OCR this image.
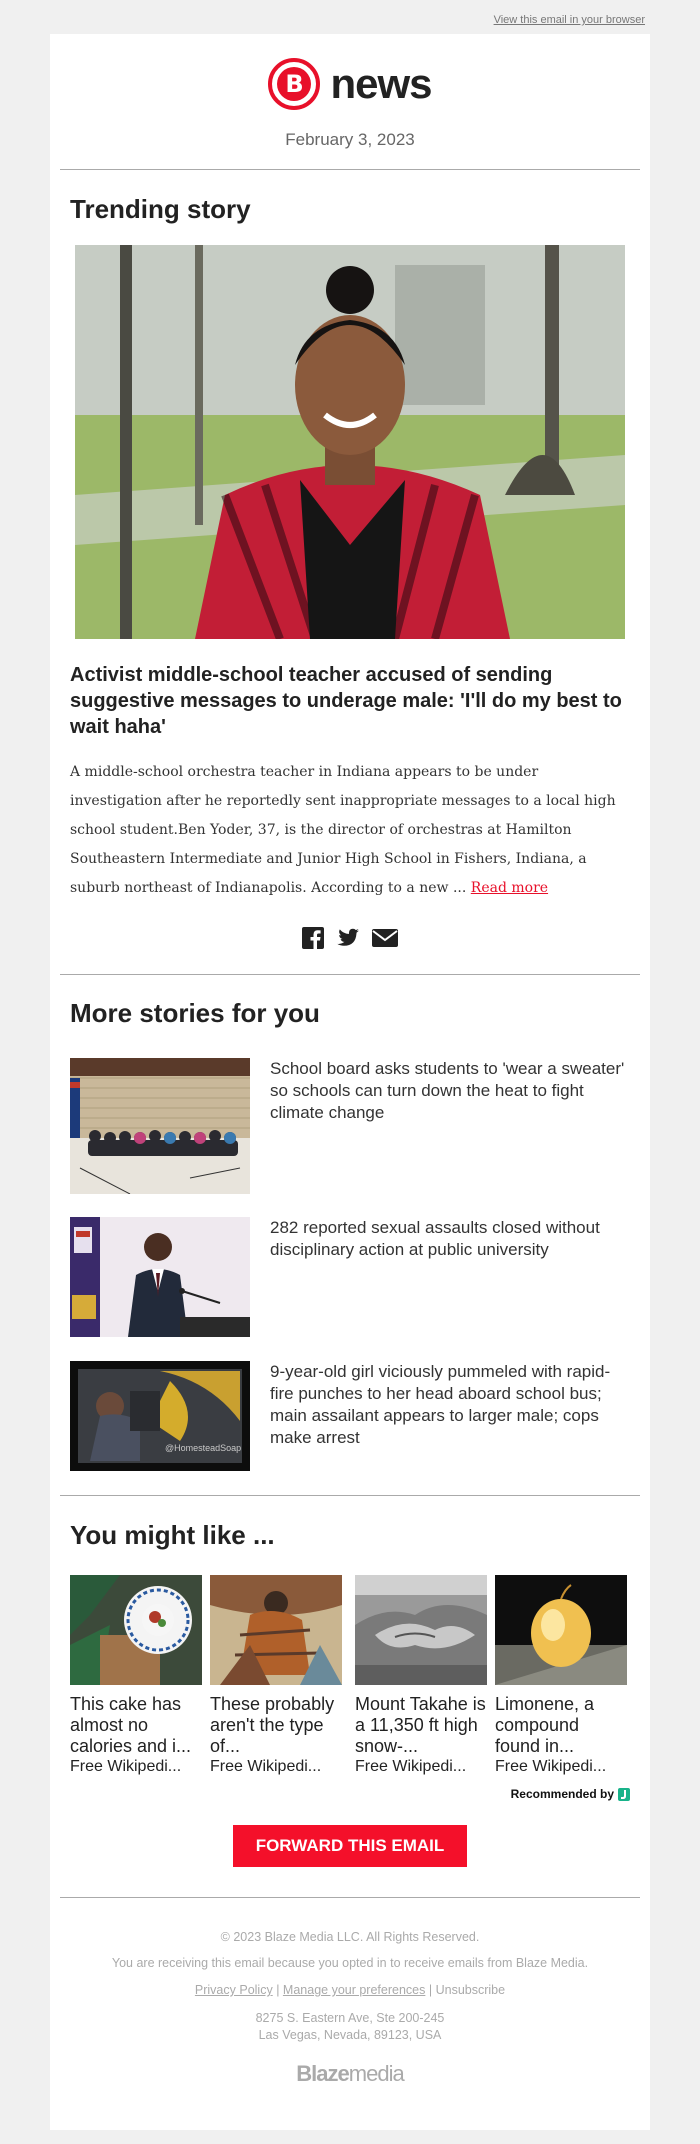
View this email in your browser
B news
February 3, 2023
Trending story
Activist middle-school teacher accused of sending suggestive messages to underage male: 'I'll do my best to wait haha'
A middle-school orchestra teacher in Indiana appears to be under investigation after he reportedly sent inappropriate messages to a local high school student.Ben Yoder, 37, is the director of orchestras at Hamilton Southeastern Intermediate and Junior High School in Fishers, Indiana, a suburb northeast of Indianapolis. According to a new ... Read more
More stories for you
School board asks students to 'wear a sweater' so schools can turn down the heat to fight climate change
282 reported sexual assaults closed without disciplinary action at public university
@HomesteadSoap
9-year-old girl viciously pummeled with rapid-fire punches to her head aboard school bus; main assailant appears to larger male; cops make arrest
You might like ...
This cake has almost no calories and i...
Free Wikipedi...
These probably aren't the type of...
Free Wikipedi...
Mount Takahe is a 11,350 ft high snow-...
Free Wikipedi...
Limonene, a compound found in...
Free Wikipedi...
Recommended by
FORWARD THIS EMAIL
© 2023 Blaze Media LLC. All Rights Reserved.
You are receiving this email because you opted in to receive emails from Blaze Media.
Privacy Policy | Manage your preferences | Unsubscribe
8275 S. Eastern Ave, Ste 200-245
Las Vegas, Nevada, 89123, USA
Blazemedia
